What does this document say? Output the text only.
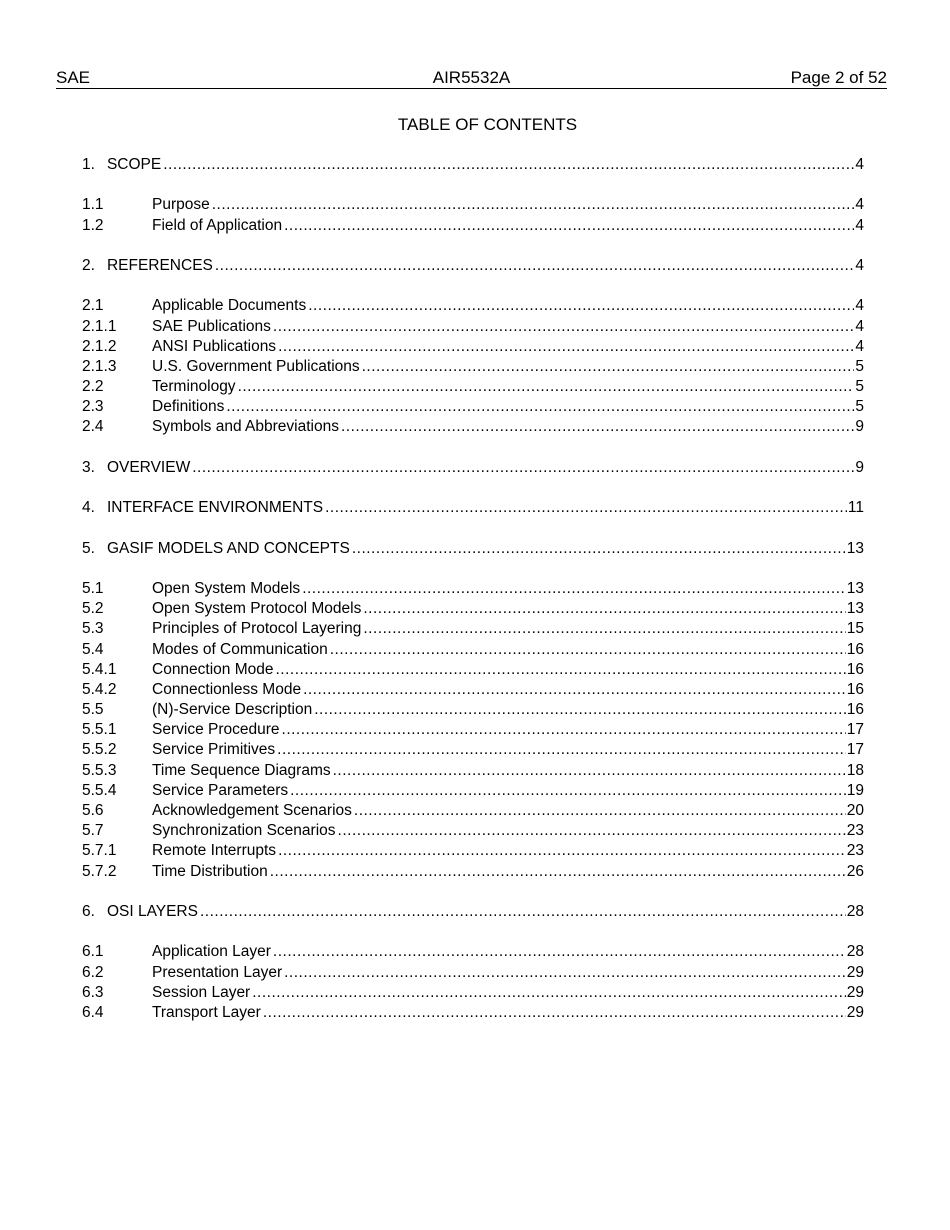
SAE	AIR5532A	Page 2 of 52
TABLE OF CONTENTS
1. SCOPE .....	4
1.1	Purpose .....	4
1.2	Field of Application .....	4
2. REFERENCES .....	4
2.1	Applicable Documents .....	4
2.1.1	SAE Publications .....	4
2.1.2	ANSI Publications .....	4
2.1.3	U.S. Government Publications .....	5
2.2	Terminology .....	5
2.3	Definitions .....	5
2.4	Symbols and Abbreviations .....	9
3. OVERVIEW .....	9
4. INTERFACE ENVIRONMENTS .....	11
5. GASIF MODELS AND CONCEPTS .....	13
5.1	Open System Models .....	13
5.2	Open System Protocol Models .....	13
5.3	Principles of Protocol Layering .....	15
5.4	Modes of Communication .....	16
5.4.1	Connection Mode .....	16
5.4.2	Connectionless Mode .....	16
5.5	(N)-Service Description .....	16
5.5.1	Service Procedure .....	17
5.5.2	Service Primitives .....	17
5.5.3	Time Sequence Diagrams .....	18
5.5.4	Service Parameters .....	19
5.6	Acknowledgement Scenarios .....	20
5.7	Synchronization Scenarios .....	23
5.7.1	Remote Interrupts .....	23
5.7.2	Time Distribution .....	26
6. OSI LAYERS .....	28
6.1	Application Layer .....	28
6.2	Presentation Layer .....	29
6.3	Session Layer .....	29
6.4	Transport Layer .....	29
